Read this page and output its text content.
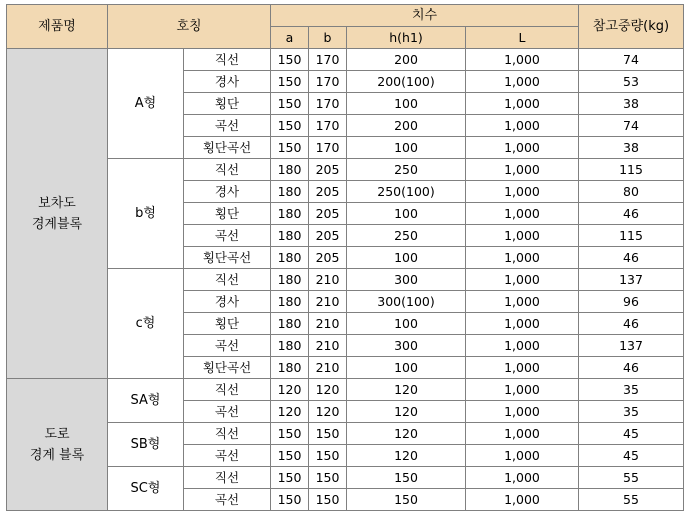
제품명	호칭		치수				참고중량(kg)
			a	b	h(h1)	L	

보차도
경계블록	A형	직선	150	170	200	1,000	74
		경사	150	170	200(100)	1,000	53
		횡단	150	170	100	1,000	38
		곡선	150	170	200	1,000	74
		횡단곡선	150	170	100	1,000	38
	b형	직선	180	205	250	1,000	115
		경사	180	205	250(100)	1,000	80
		횡단	180	205	100	1,000	46
		곡선	180	205	250	1,000	115
		횡단곡선	180	205	100	1,000	46
	c형	직선	180	210	300	1,000	137
		경사	180	210	300(100)	1,000	96
		횡단	180	210	100	1,000	46
		곡선	180	210	300	1,000	137
		횡단곡선	180	210	100	1,000	46

도로
경계 블록	SA형	직선	120	120	120	1,000	35
		곡선	120	120	120	1,000	35
	SB형	직선	150	150	120	1,000	45
		곡선	150	150	120	1,000	45
	SC형	직선	150	150	150	1,000	55
		곡선	150	150	150	1,000	55
